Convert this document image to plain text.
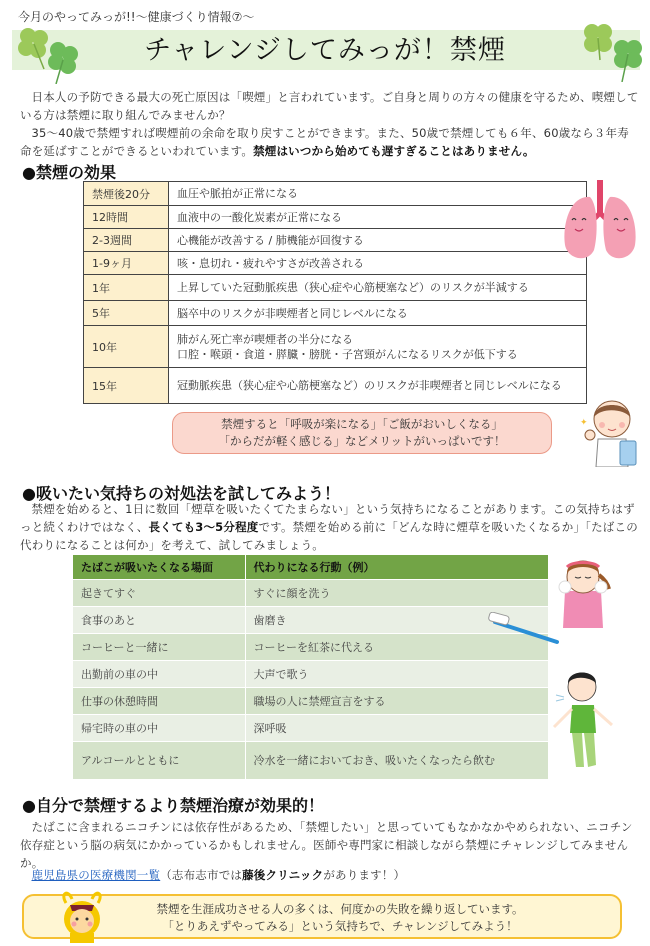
今月のやってみっが!!～健康づくり情報⑦～
チャレンジしてみっが！禁煙
日本人の予防できる最大の死亡原因は「喫煙」と言われています。ご自身と周りの方々の健康を守るため、喫煙している方は禁煙に取り組んでみませんか？
35～40歳で禁煙すれば喫煙前の余命を取り戻すことができます。また、50歳で禁煙しても６年、60歳なら３年寿命を延ばすことができるといわれています。禁煙はいつから始めても遅すぎることはありません。
●禁煙の効果
禁煙後20分	血圧や脈拍が正常になる
12時間	血液中の一酸化炭素が正常になる
2-3週間	心機能が改善する / 肺機能が回復する
1-9ヶ月	咳・息切れ・疲れやすさが改善される
1年	上昇していた冠動脈疾患（狭心症や心筋梗塞など）のリスクが半減する
5年	脳卒中のリスクが非喫煙者と同じレベルになる
10年	肺がん死亡率が喫煙者の半分になる
口腔・喉頭・食道・膵臓・膀胱・子宮頸がんになるリスクが低下する

15年	冠動脈疾患（狭心症や心筋梗塞など）のリスクが非喫煙者と同じレベルになる
禁煙すると「呼吸が楽になる」「ご飯がおいしくなる」
「からだが軽く感じる」などメリットがいっぱいです！
✦
●吸いたい気持ちの対処法を試してみよう！
禁煙を始めると、1日に数回「煙草を吸いたくてたまらない」という気持ちになることがあります。この気持ちはずっと続くわけではなく、長くても3～5分程度です。禁煙を始める前に「どんな時に煙草を吸いたくなるか」「たばこの代わりになることは何か」を考えて、試してみましょう。
たばこが吸いたくなる場面	代わりになる行動（例）
起きてすぐ	すぐに顔を洗う
食事のあと	歯磨き
コーヒーと一緒に	コーヒーを紅茶に代える
出勤前の車の中	大声で歌う
仕事の休憩時間	職場の人に禁煙宣言をする
帰宅時の車の中	深呼吸
アルコールとともに	冷水を一緒においておき、吸いたくなったら飲む
●自分で禁煙するより禁煙治療が効果的！
たばこに含まれるニコチンには依存性があるため、「禁煙したい」と思っていてもなかなかやめられない、ニコチン依存症という脳の病気にかかっているかもしれません。医師や専門家に相談しながら禁煙にチャレンジしてみませんか。
鹿児島県の医療機関一覧（志布志市では藤後クリニックがあります！）
禁煙を生涯成功させる人の多くは、何度かの失敗を繰り返しています。
「とりあえずやってみる」という気持ちで、チャレンジしてみよう！
